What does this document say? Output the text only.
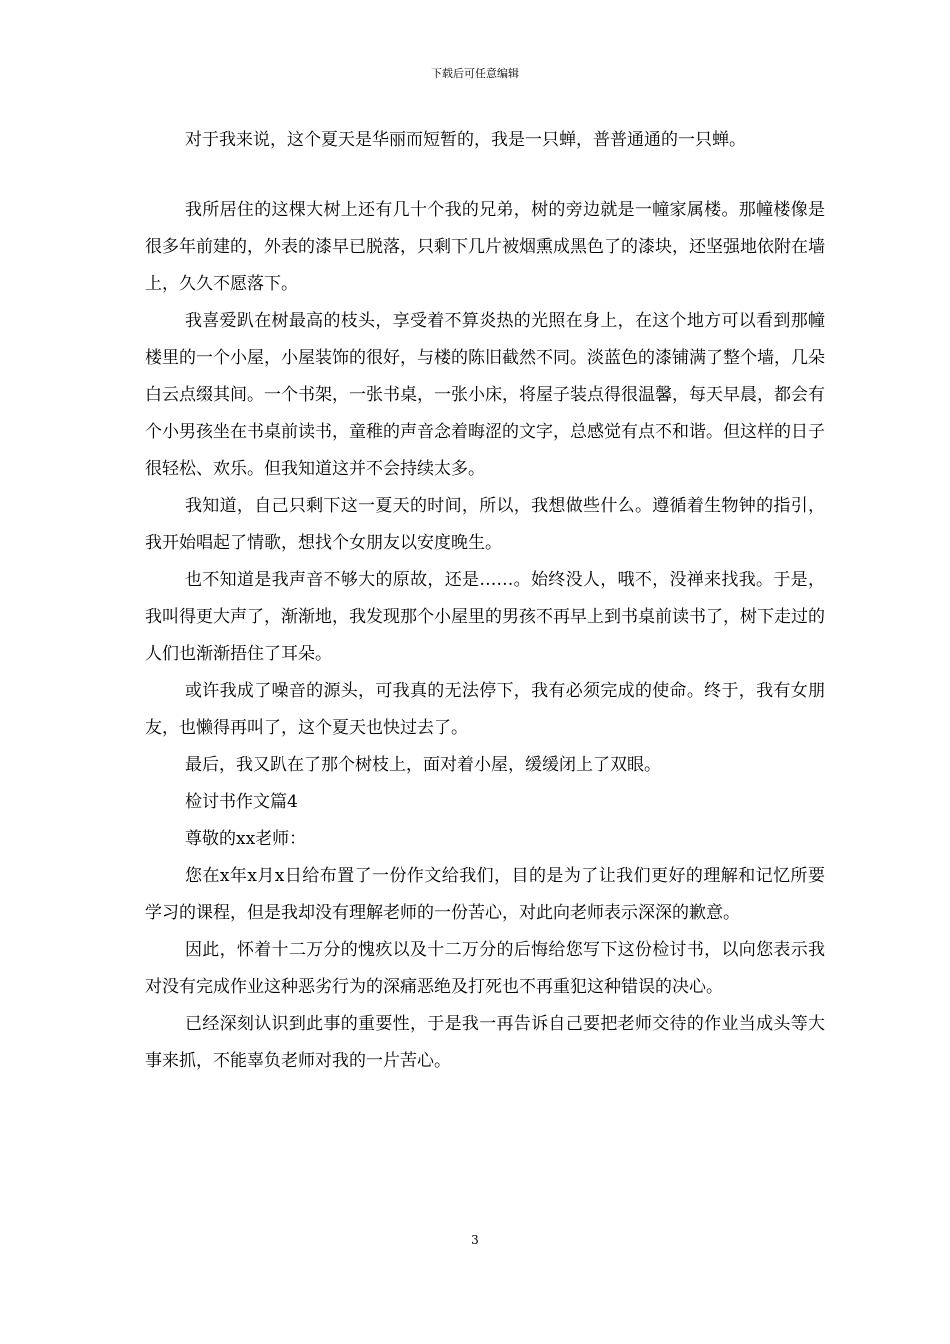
下载后可任意编辑

对于我来说，这个夏天是华丽而短暂的，我是一只蝉，普普通通的一只蝉。

我所居住的这棵大树上还有几十个我的兄弟，树的旁边就是一幢家属楼。那幢楼像是很多年前建的，外表的漆早已脱落，只剩下几片被烟熏成黑色了的漆块，还坚强地依附在墙上，久久不愿落下。

我喜爱趴在树最高的枝头，享受着不算炎热的光照在身上，在这个地方可以看到那幢楼里的一个小屋，小屋装饰的很好，与楼的陈旧截然不同。淡蓝色的漆铺满了整个墙，几朵白云点缀其间。一个书架，一张书桌，一张小床，将屋子装点得很温馨，每天早晨，都会有个小男孩坐在书桌前读书，童稚的声音念着晦涩的文字，总感觉有点不和谐。但这样的日子很轻松、欢乐。但我知道这并不会持续太多。

我知道，自己只剩下这一夏天的时间，所以，我想做些什么。遵循着生物钟的指引，我开始唱起了情歌，想找个女朋友以安度晚生。

也不知道是我声音不够大的原故，还是……。始终没人，哦不，没禅来找我。于是，我叫得更大声了，渐渐地，我发现那个小屋里的男孩不再早上到书桌前读书了，树下走过的人们也渐渐捂住了耳朵。

或许我成了噪音的源头，可我真的无法停下，我有必须完成的使命。终于，我有女朋友，也懒得再叫了，这个夏天也快过去了。

最后，我又趴在了那个树枝上，面对着小屋，缓缓闭上了双眼。

检讨书作文篇4

尊敬的xx老师：

您在x年x月x日给布置了一份作文给我们，目的是为了让我们更好的理解和记忆所要学习的课程，但是我却没有理解老师的一份苦心，对此向老师表示深深的歉意。

因此，怀着十二万分的愧疚以及十二万分的后悔给您写下这份检讨书，以向您表示我对没有完成作业这种恶劣行为的深痛恶绝及打死也不再重犯这种错误的决心。

已经深刻认识到此事的重要性，于是我一再告诉自己要把老师交待的作业当成头等大事来抓，不能辜负老师对我的一片苦心。

3
